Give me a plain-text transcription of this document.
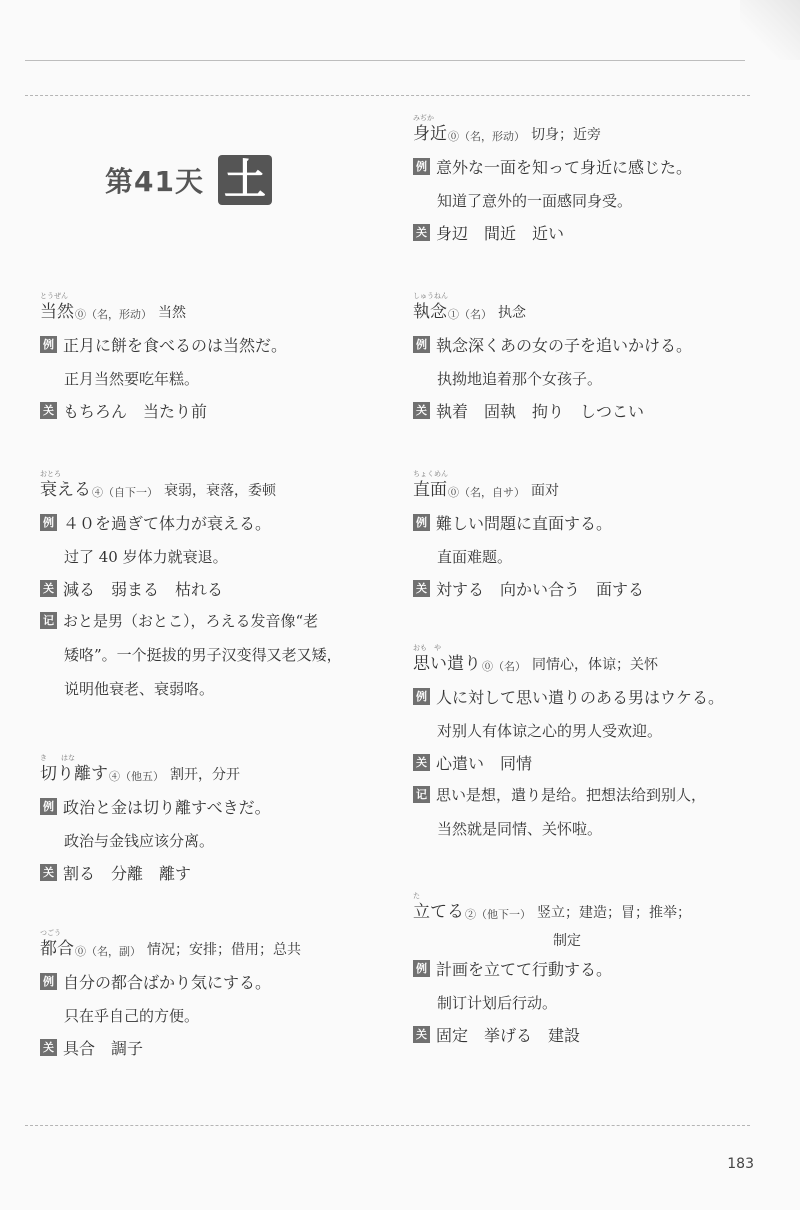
第41天 土
とうぜん
当然 ⓪（名，形动） 当然
例 正月に餅を食べるのは当然だ。
正月当然要吃年糕。
关 もちろん　当たり前
おとろ
衰える ④（自下一） 衰弱，衰落，委顿
例 ４０を過ぎて体力が衰える。
过了 40 岁体力就衰退。
关 減る　弱まる　枯れる
记 おと是男（おとこ），ろえる发音像“老
矮咯”。一个挺拔的男子汉变得又老又矮，
说明他衰老、衰弱咯。
き　　はな
切り離す ④（他五） 割开，分开
例 政治と金は切り離すべきだ。
政治与金钱应该分离。
关 割る　分離　離す
つごう
都合 ⓪（名，副） 情况；安排；借用；总共
例 自分の都合ばかり気にする。
只在乎自己的方便。
关 具合　調子
みぢか
身近 ⓪（名，形动） 切身；近旁
例 意外な一面を知って身近に感じた。
知道了意外的一面感同身受。
关 身辺　間近　近い
しゅうねん
執念 ①（名） 执念
例 執念深くあの女の子を追いかける。
执拗地追着那个女孩子。
关 執着　固執　拘り　しつこい
ちょくめん
直面 ⓪（名，自サ） 面对
例 難しい問題に直面する。
直面难题。
关 対する　向かい合う　面する
おも　や
思い遣り ⓪（名） 同情心，体谅；关怀
例 人に対して思い遣りのある男はウケる。
对别人有体谅之心的男人受欢迎。
关 心遣い　同情
记 思い是想，遣り是给。把想法给到别人，
当然就是同情、关怀啦。
た
立てる ②（他下一） 竖立；建造；冒；推举；
制定
例 計画を立てて行動する。
制订计划后行动。
关 固定　挙げる　建設
183
